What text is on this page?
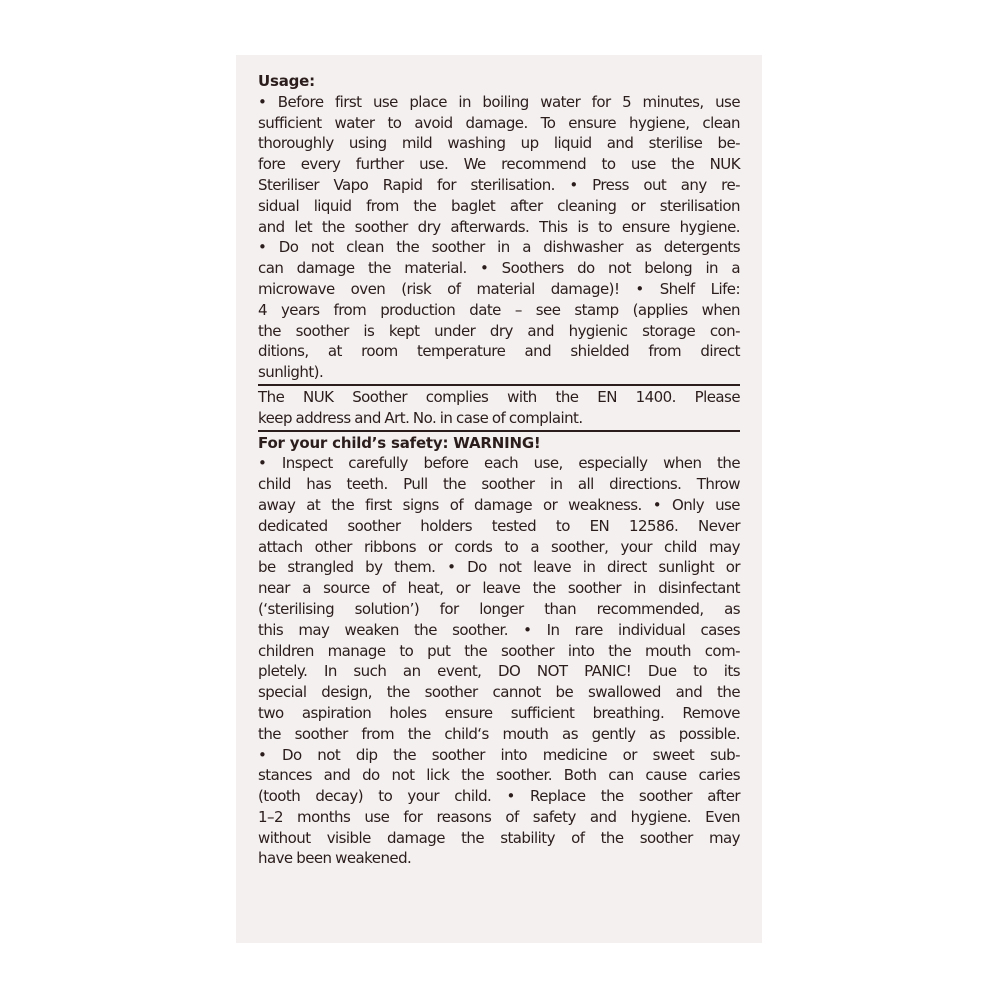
Usage:
• Before first use place in boiling water for 5 minutes, use
sufficient water to avoid damage. To ensure hygiene, clean
thoroughly using mild washing up liquid and sterilise be-
fore every further use. We recommend to use the NUK
Steriliser Vapo Rapid for sterilisation. • Press out any re-
sidual liquid from the baglet after cleaning or sterilisation
and let the soother dry afterwards. This is to ensure hygiene.
• Do not clean the soother in a dishwasher as detergents
can damage the material. • Soothers do not belong in a
microwave oven (risk of material damage)! • Shelf Life:
4 years from production date – see stamp (applies when
the soother is kept under dry and hygienic storage con-
ditions, at room temperature and shielded from direct
sunlight).
The NUK Soother complies with the EN 1400. Please
keep address and Art. No. in case of complaint.
For your child’s safety: WARNING!
• Inspect carefully before each use, especially when the
child has teeth. Pull the soother in all directions. Throw
away at the first signs of damage or weakness. • Only use
dedicated soother holders tested to EN 12586. Never
attach other ribbons or cords to a soother, your child may
be strangled by them. • Do not leave in direct sunlight or
near a source of heat, or leave the soother in disinfectant
(‘sterilising solution’) for longer than recommended, as
this may weaken the soother. • In rare individual cases
children manage to put the soother into the mouth com-
pletely. In such an event, DO NOT PANIC! Due to its
special design, the soother cannot be swallowed and the
two aspiration holes ensure sufficient breathing. Remove
the soother from the child‘s mouth as gently as possible.
• Do not dip the soother into medicine or sweet sub-
stances and do not lick the soother. Both can cause caries
(tooth decay) to your child. • Replace the soother after
1–2 months use for reasons of safety and hygiene. Even
without visible damage the stability of the soother may
have been weakened.
